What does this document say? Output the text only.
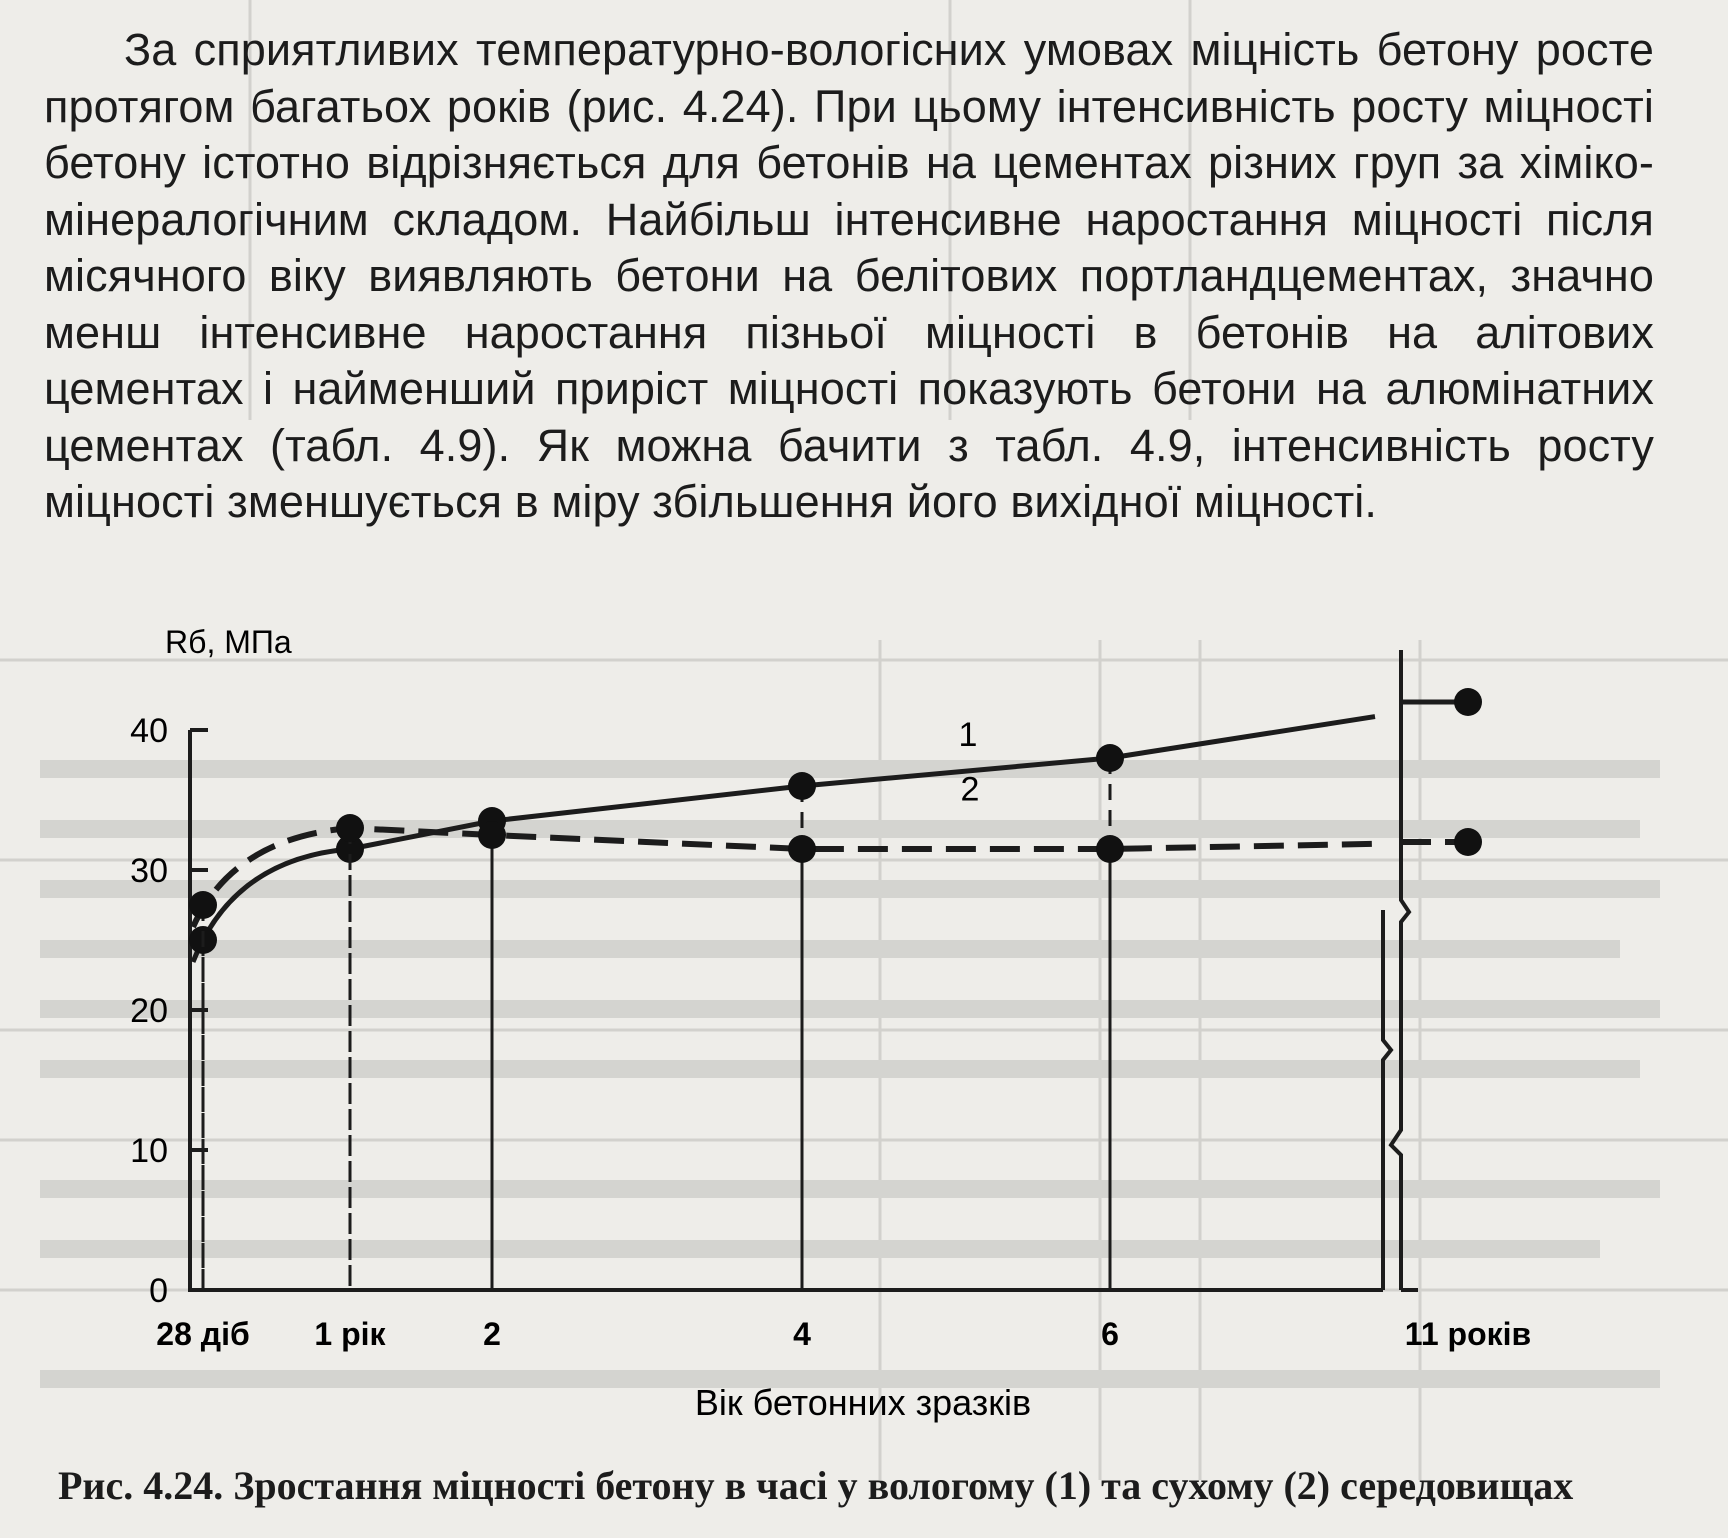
За сприятливих температурно-вологісних умовах міцність бетону росте протягом багатьох років (рис. 4.24). При цьому інтенсивність росту міцності бетону істотно відрізняється для бетонів на цементах різних груп за хіміко-мінералогічним складом. Найбільш інтенсивне наростання міцності після місячного віку виявляють бетони на белітових портландцементах, значно менш інтенсивне наростання пізньої міцності в бетонів на алітових цементах і найменший приріст міцності показують бетони на алюмінатних цементах (табл. 4.9). Як можна бачити з табл. 4.9, інтенсивність росту міцності зменшується в міру збільшення його вихідної міцності.

40
30
20
10
0
28 діб 1 рік	2	4	6	11 років
1
2
Rб, МПа
Вік бетонних зразків

Рис. 4.24. Зростання міцності бетону в часі у вологому (1) та сухому (2) середовищах
